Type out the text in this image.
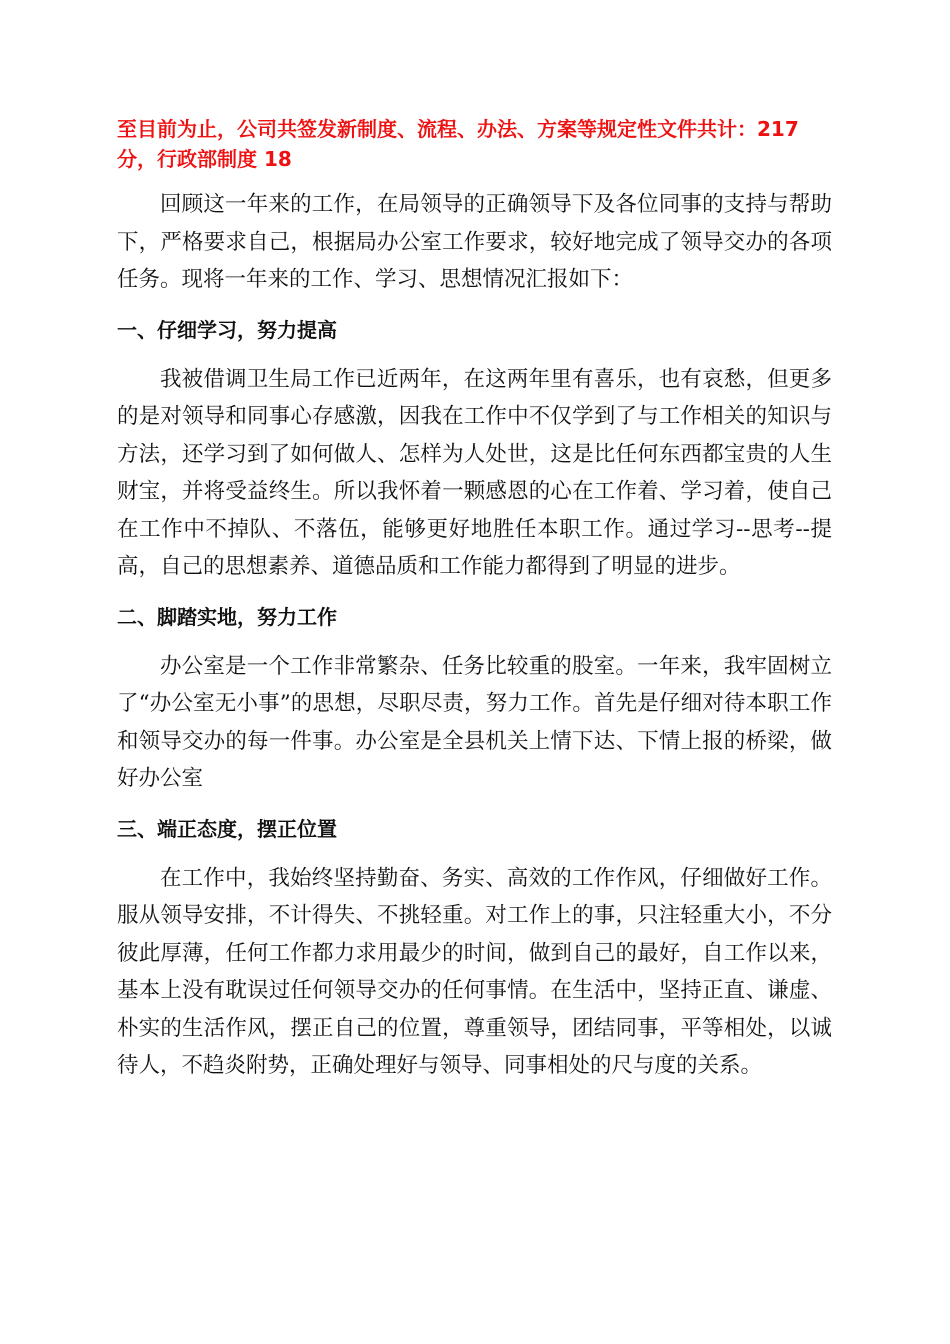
至目前为止，公司共签发新制度、流程、办法、方案等规定性文件共计：217 分，行政部制度 18

回顾这一年来的工作，在局领导的正确领导下及各位同事的支持与帮助下，严格要求自己，根据局办公室工作要求，较好地完成了领导交办的各项任务。现将一年来的工作、学习、思想情况汇报如下：

一、仔细学习，努力提高

我被借调卫生局工作已近两年，在这两年里有喜乐，也有哀愁，但更多的是对领导和同事心存感激，因我在工作中不仅学到了与工作相关的知识与方法，还学习到了如何做人、怎样为人处世，这是比任何东西都宝贵的人生财宝，并将受益终生。所以我怀着一颗感恩的心在工作着、学习着，使自己在工作中不掉队、不落伍，能够更好地胜任本职工作。通过学习--思考--提高，自己的思想素养、道德品质和工作能力都得到了明显的进步。

二、脚踏实地，努力工作

办公室是一个工作非常繁杂、任务比较重的股室。一年来，我牢固树立了“办公室无小事”的思想，尽职尽责，努力工作。首先是仔细对待本职工作和领导交办的每一件事。办公室是全县机关上情下达、下情上报的桥梁，做好办公室

三、端正态度，摆正位置

在工作中，我始终坚持勤奋、务实、高效的工作作风，仔细做好工作。服从领导安排，不计得失、不挑轻重。对工作上的事，只注轻重大小，不分彼此厚薄，任何工作都力求用最少的时间，做到自己的最好，自工作以来，基本上没有耽误过任何领导交办的任何事情。在生活中，坚持正直、谦虚、朴实的生活作风，摆正自己的位置，尊重领导，团结同事，平等相处，以诚待人，不趋炎附势，正确处理好与领导、同事相处的尺与度的关系。
